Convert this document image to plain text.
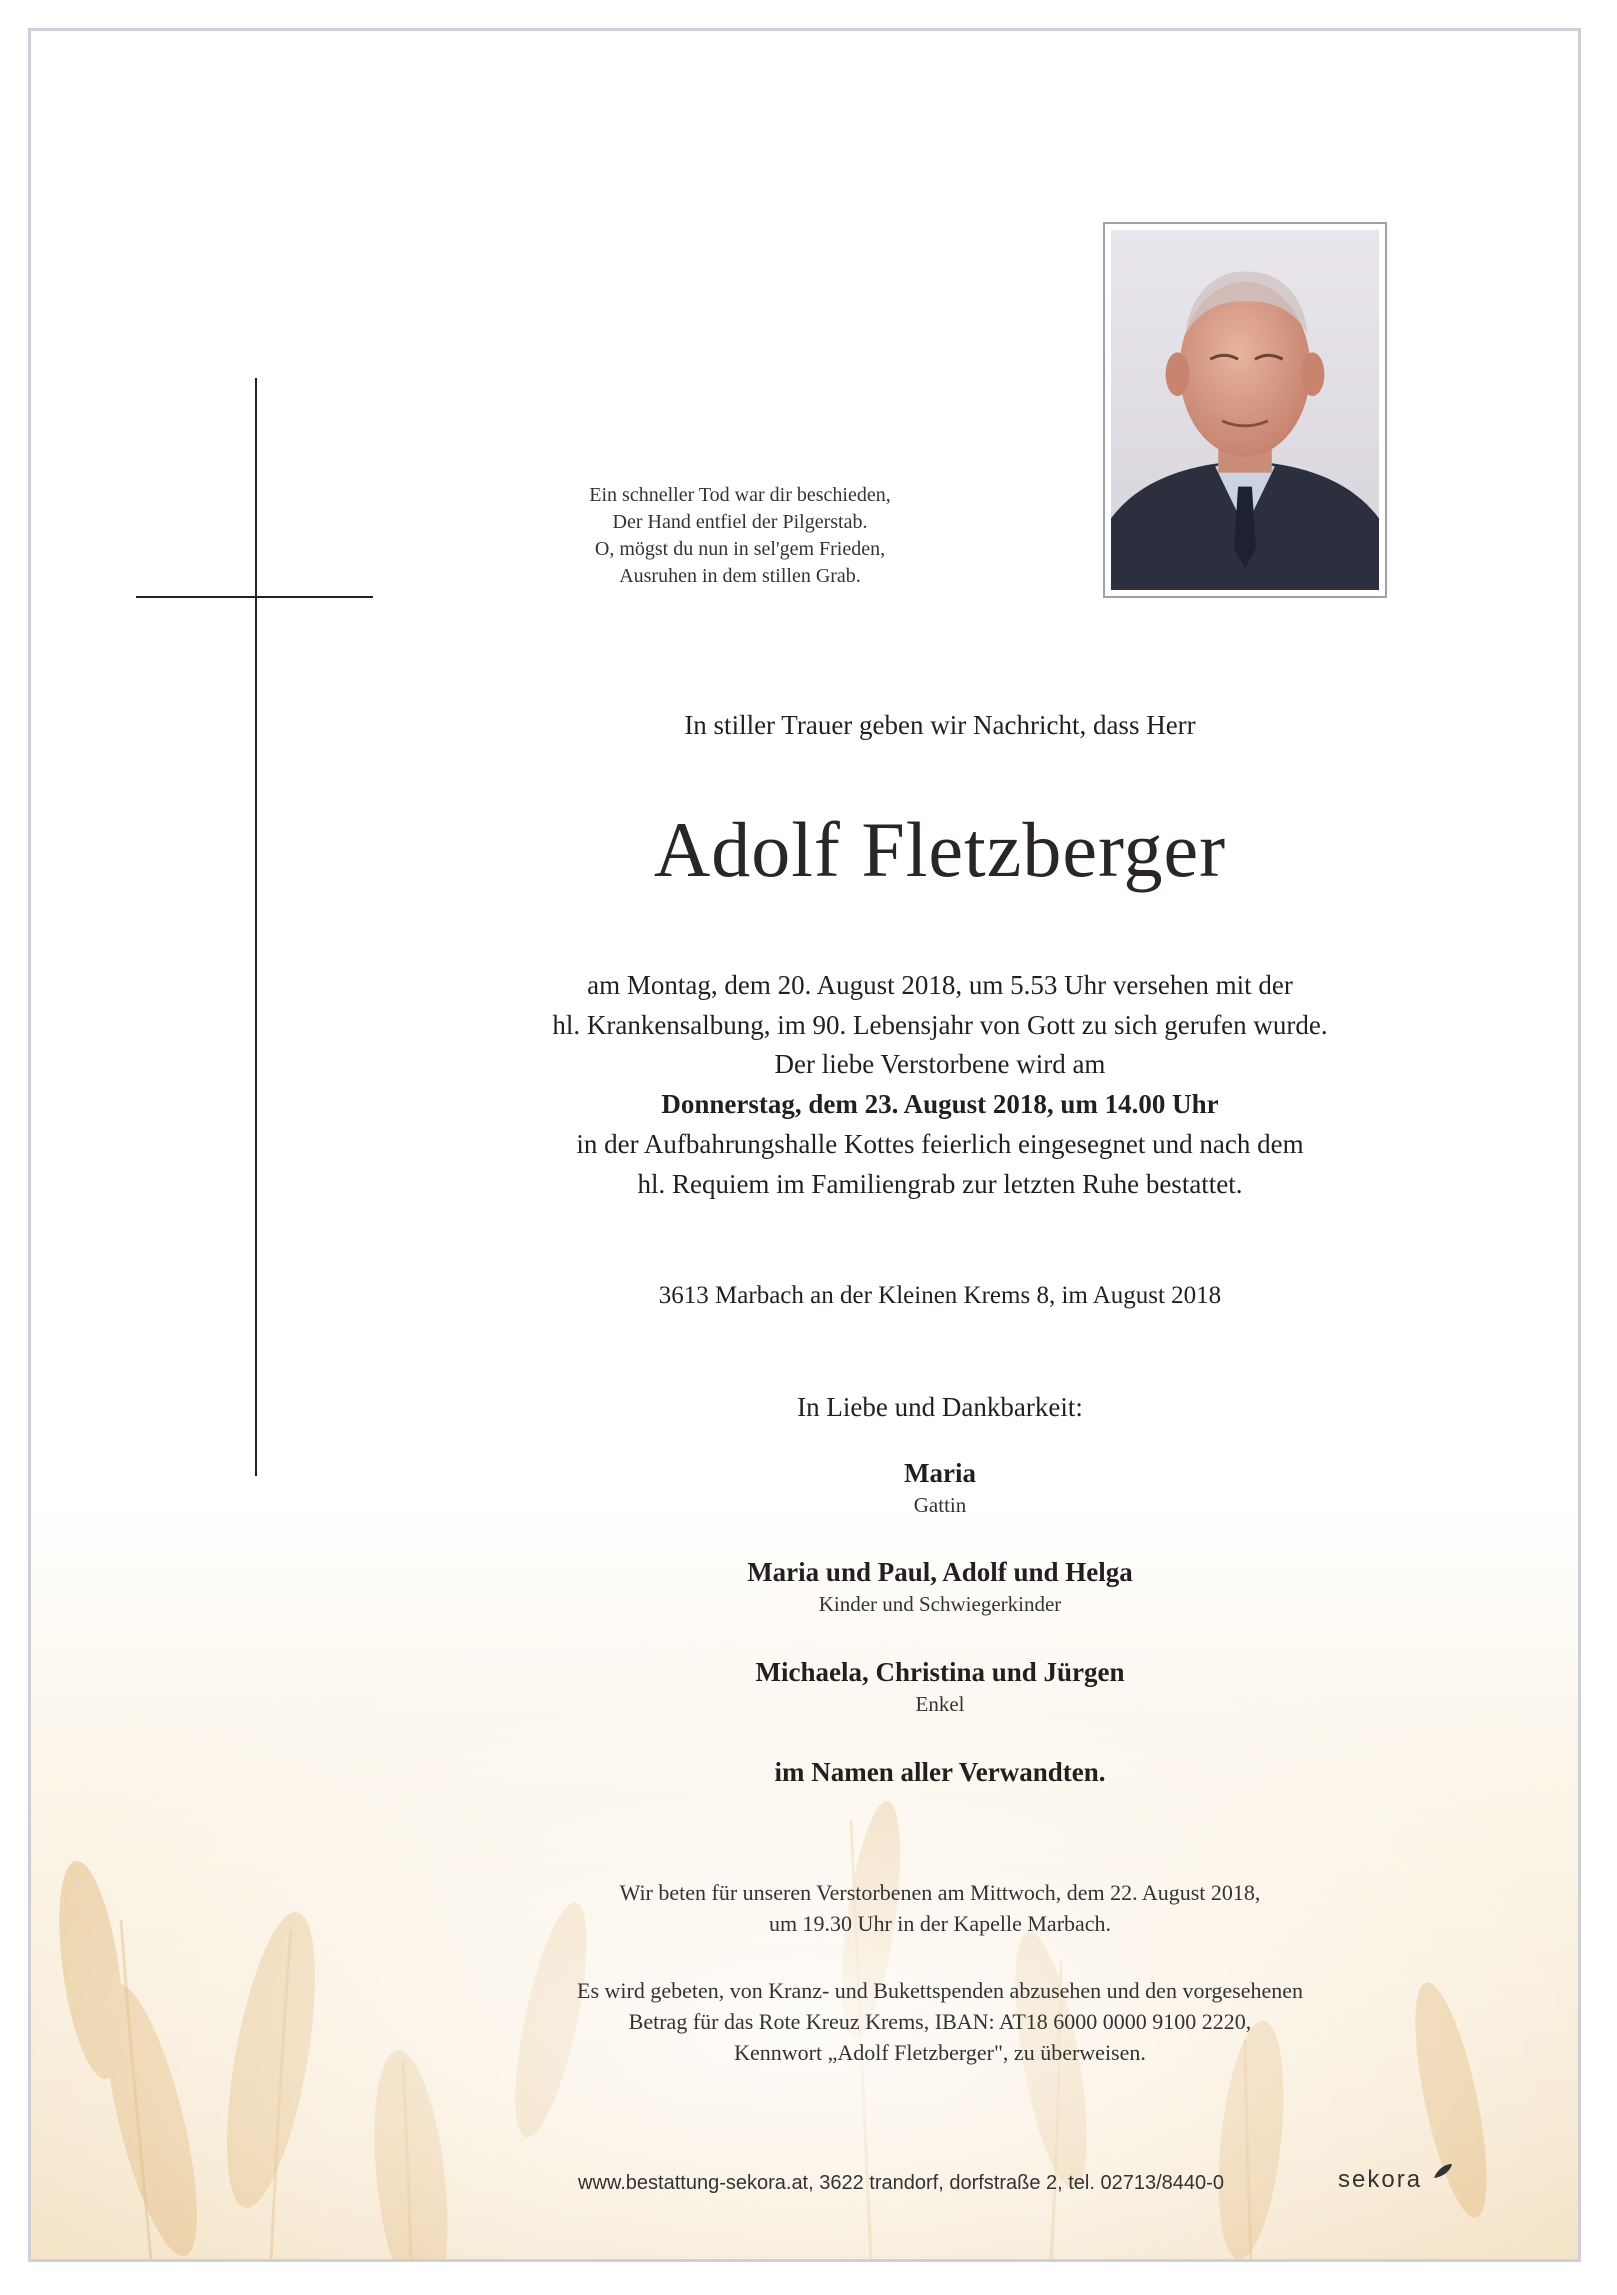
Ein schneller Tod war dir beschieden,
Der Hand entfiel der Pilgerstab.
O, mögst du nun in sel'gem Frieden,
Ausruhen in dem stillen Grab.
In stiller Trauer geben wir Nachricht, dass Herr
Adolf Fletzberger
am Montag, dem 20. August 2018, um 5.53 Uhr versehen mit der
hl. Krankensalbung, im 90. Lebensjahr von Gott zu sich gerufen wurde.
Der liebe Verstorbene wird am
Donnerstag, dem 23. August 2018, um 14.00 Uhr
in der Aufbahrungshalle Kottes feierlich eingesegnet und nach dem
hl. Requiem im Familiengrab zur letzten Ruhe bestattet.
3613 Marbach an der Kleinen Krems 8, im August 2018
In Liebe und Dankbarkeit:
Maria
Gattin
Maria und Paul, Adolf und Helga
Kinder und Schwiegerkinder
Michaela, Christina und Jürgen
Enkel
im Namen aller Verwandten.
Wir beten für unseren Verstorbenen am Mittwoch, dem 22. August 2018,
um 19.30 Uhr in der Kapelle Marbach.
Es wird gebeten, von Kranz- und Bukettspenden abzusehen und den vorgesehenen
Betrag für das Rote Kreuz Krems, IBAN: AT18 6000 0000 9100 2220,
Kennwort „Adolf Fletzberger", zu überweisen.
www.bestattung-sekora.at, 3622 trandorf, dorfstraße 2, tel. 02713/8440-0	sekora
